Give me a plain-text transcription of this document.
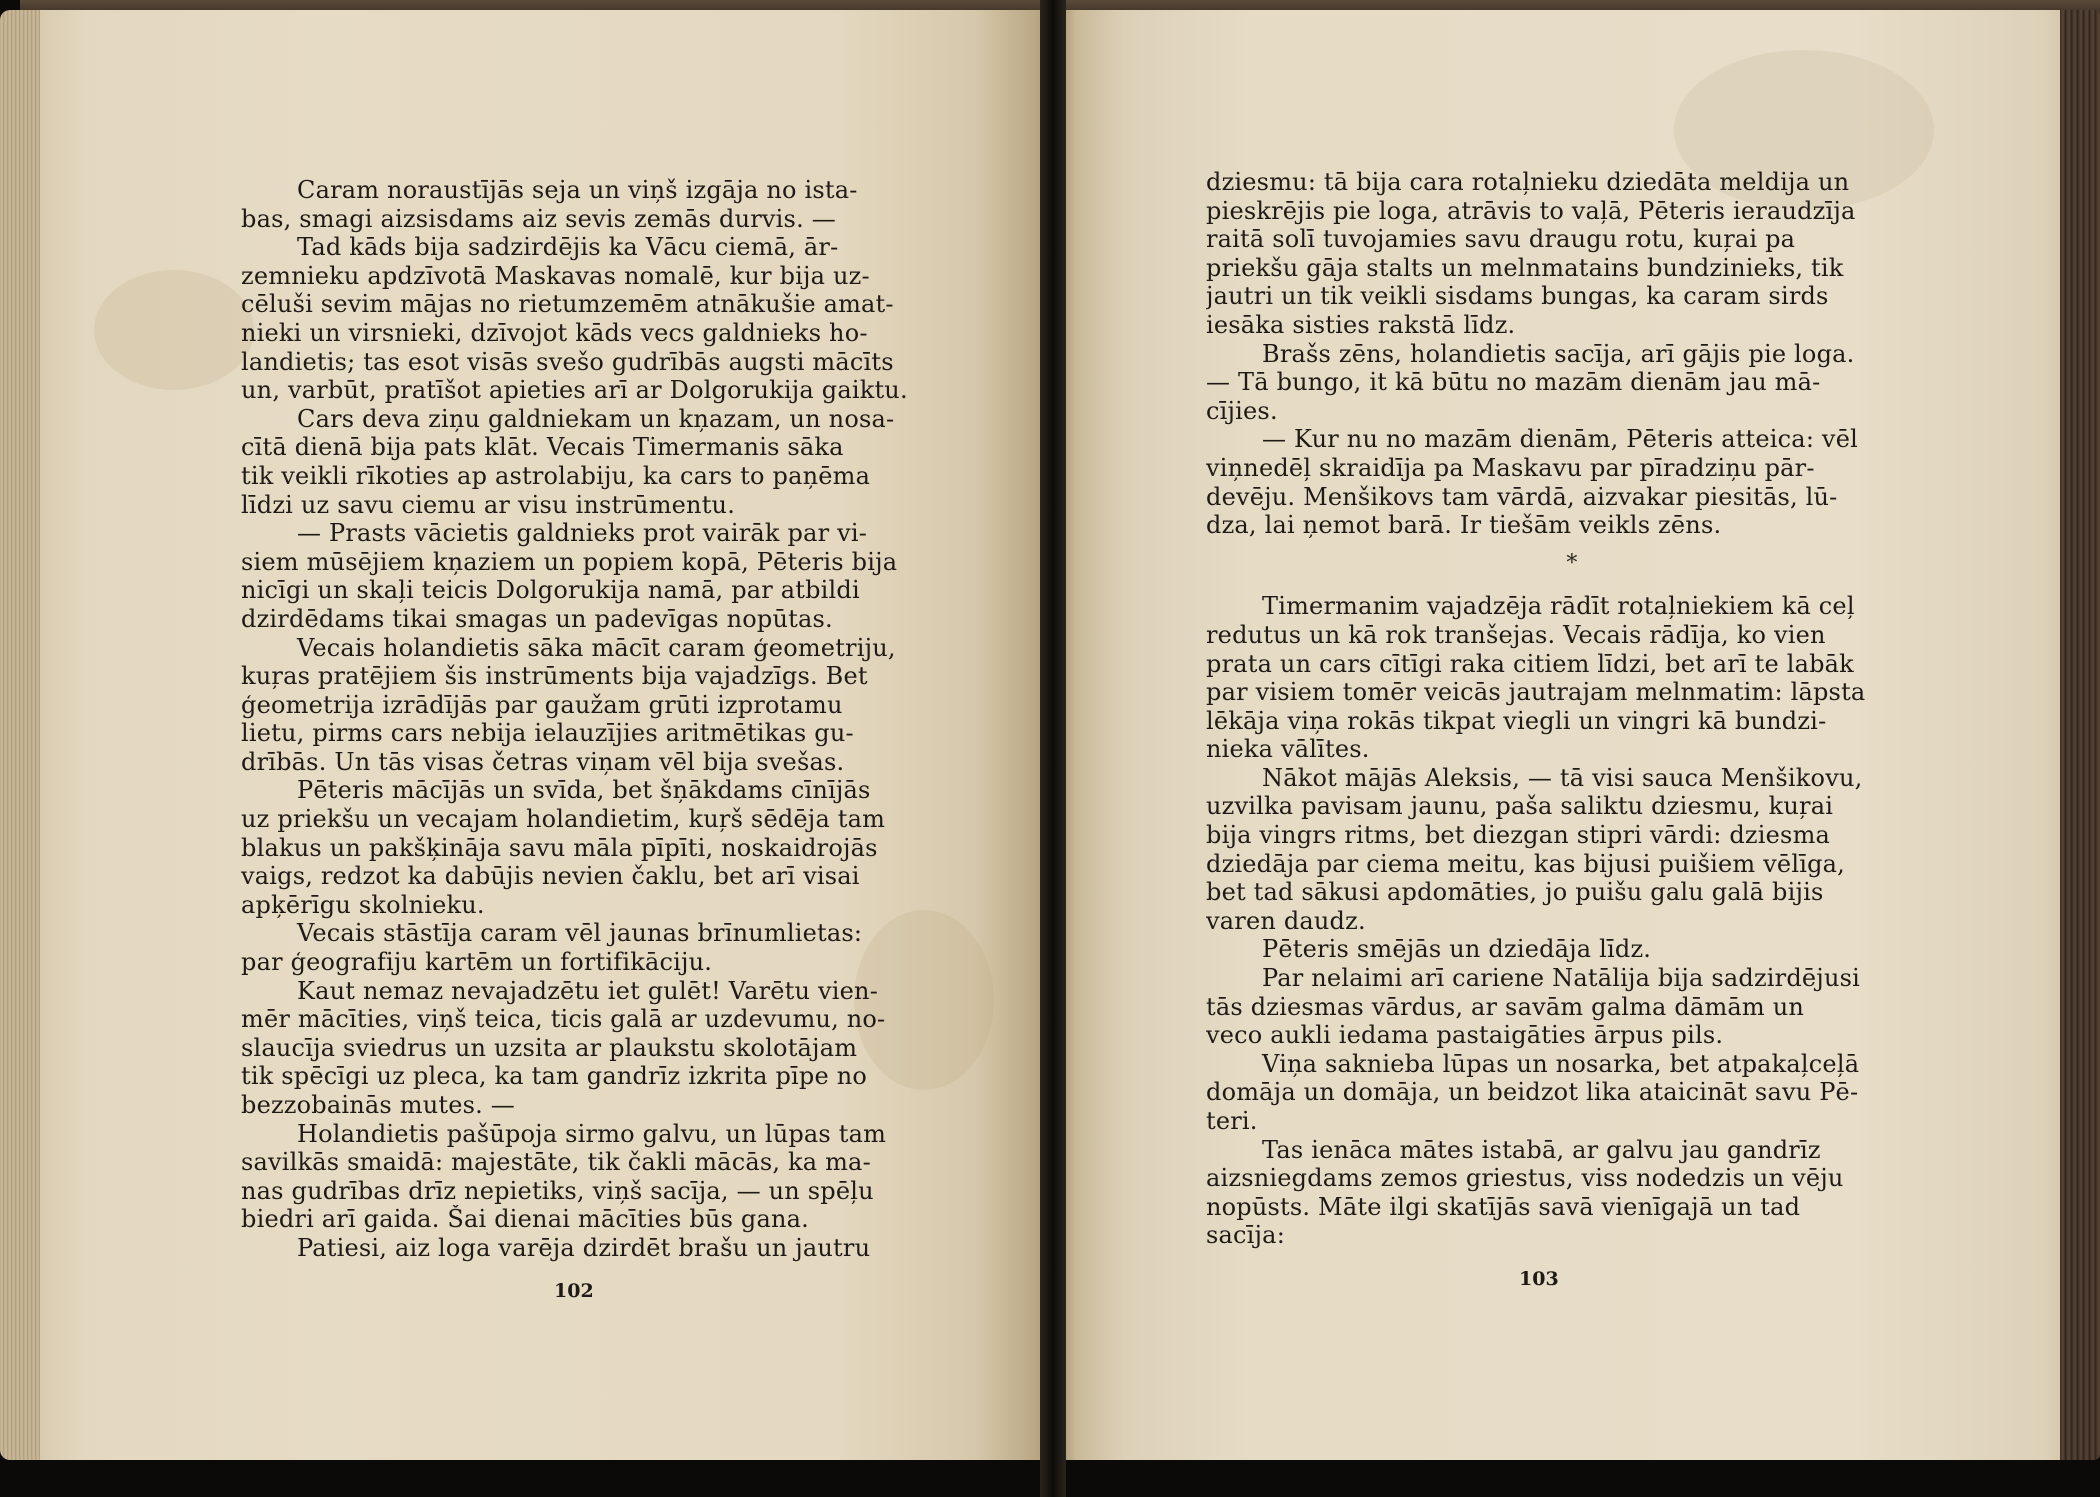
Caram noraustījās seja un viņš izgāja no ista-
bas, smagi aizsisdams aiz sevis zemās durvis. —
Tad kāds bija sadzirdējis ka Vācu ciemā, ār-
zemnieku apdzīvotā Maskavas nomalē, kur bija uz-
cēluši sevim mājas no rietumzemēm atnākušie amat-
nieki un virsnieki, dzīvojot kāds vecs galdnieks ho-
landietis; tas esot visās svešo gudrībās augsti mācīts
un, varbūt, pratīšot apieties arī ar Dolgorukija gaiktu.
Cars deva ziņu galdniekam un kņazam, un nosa-
cītā dienā bija pats klāt. Vecais Timermanis sāka
tik veikli rīkoties ap astrolabiju, ka cars to paņēma
līdzi uz savu ciemu ar visu instrūmentu.
— Prasts vācietis galdnieks prot vairāk par vi-
siem mūsējiem kņaziem un popiem kopā, Pēteris bija
nicīgi un skaļi teicis Dolgorukija namā, par atbildi
dzirdēdams tikai smagas un padevīgas nopūtas.
Vecais holandietis sāka mācīt caram ģeometriju,
kuŗas pratējiem šis instrūments bija vajadzīgs. Bet
ģeometrija izrādījās par gaužam grūti izprotamu
lietu, pirms cars nebija ielauzījies aritmētikas gu-
drībās. Un tās visas četras viņam vēl bija svešas.
Pēteris mācījās un svīda, bet šņākdams cīnījās
uz priekšu un vecajam holandietim, kuŗš sēdēja tam
blakus un pakšķināja savu māla pīpīti, noskaidrojās
vaigs, redzot ka dabūjis nevien čaklu, bet arī visai
apķērīgu skolnieku.
Vecais stāstīja caram vēl jaunas brīnumlietas:
par ģeografiju kartēm un fortifikāciju.
Kaut nemaz nevajadzētu iet gulēt! Varētu vien-
mēr mācīties, viņš teica, ticis galā ar uzdevumu, no-
slaucīja sviedrus un uzsita ar plaukstu skolotājam
tik spēcīgi uz pleca, ka tam gandrīz izkrita pīpe no
bezzobainās mutes. —
Holandietis pašūpoja sirmo galvu, un lūpas tam
savilkās smaidā: majestāte, tik čakli mācās, ka ma-
nas gudrības drīz nepietiks, viņš sacīja, — un spēļu
biedri arī gaida. Šai dienai mācīties būs gana.
Patiesi, aiz loga varēja dzirdēt brašu un jautru
102
dziesmu: tā bija cara rotaļnieku dziedāta meldija un
pieskrējis pie loga, atrāvis to vaļā, Pēteris ieraudzīja
raitā solī tuvojamies savu draugu rotu, kuŗai pa
priekšu gāja stalts un melnmatains bundzinieks, tik
jautri un tik veikli sisdams bungas, ka caram sirds
iesāka sisties rakstā līdz.
Brašs zēns, holandietis sacīja, arī gājis pie loga.
— Tā bungo, it kā būtu no mazām dienām jau mā-
cījies.
— Kur nu no mazām dienām, Pēteris atteica: vēl
viņnedēļ skraidīja pa Maskavu par pīradziņu pār-
devēju. Menšikovs tam vārdā, aizvakar piesitās, lū-
dza, lai ņemot barā. Ir tiešām veikls zēns.
*
Timermanim vajadzēja rādīt rotaļniekiem kā ceļ
redutus un kā rok tranšejas. Vecais rādīja, ko vien
prata un cars cītīgi raka citiem līdzi, bet arī te labāk
par visiem tomēr veicās jautrajam melnmatim: lāpsta
lēkāja viņa rokās tikpat viegli un vingri kā bundzi-
nieka vālītes.
Nākot mājās Aleksis, — tā visi sauca Menšikovu,
uzvilka pavisam jaunu, paša saliktu dziesmu, kuŗai
bija vingrs ritms, bet diezgan stipri vārdi: dziesma
dziedāja par ciema meitu, kas bijusi puišiem vēlīga,
bet tad sākusi apdomāties, jo puišu galu galā bijis
varen daudz.
Pēteris smējās un dziedāja līdz.
Par nelaimi arī cariene Natālija bija sadzirdējusi
tās dziesmas vārdus, ar savām galma dāmām un
veco aukli iedama pastaigāties ārpus pils.
Viņa saknieba lūpas un nosarka, bet atpakaļceļā
domāja un domāja, un beidzot lika ataicināt savu Pē-
teri.
Tas ienāca mātes istabā, ar galvu jau gandrīz
aizsniegdams zemos griestus, viss nodedzis un vēju
nopūsts. Māte ilgi skatījās savā vienīgajā un tad
sacīja:
103
